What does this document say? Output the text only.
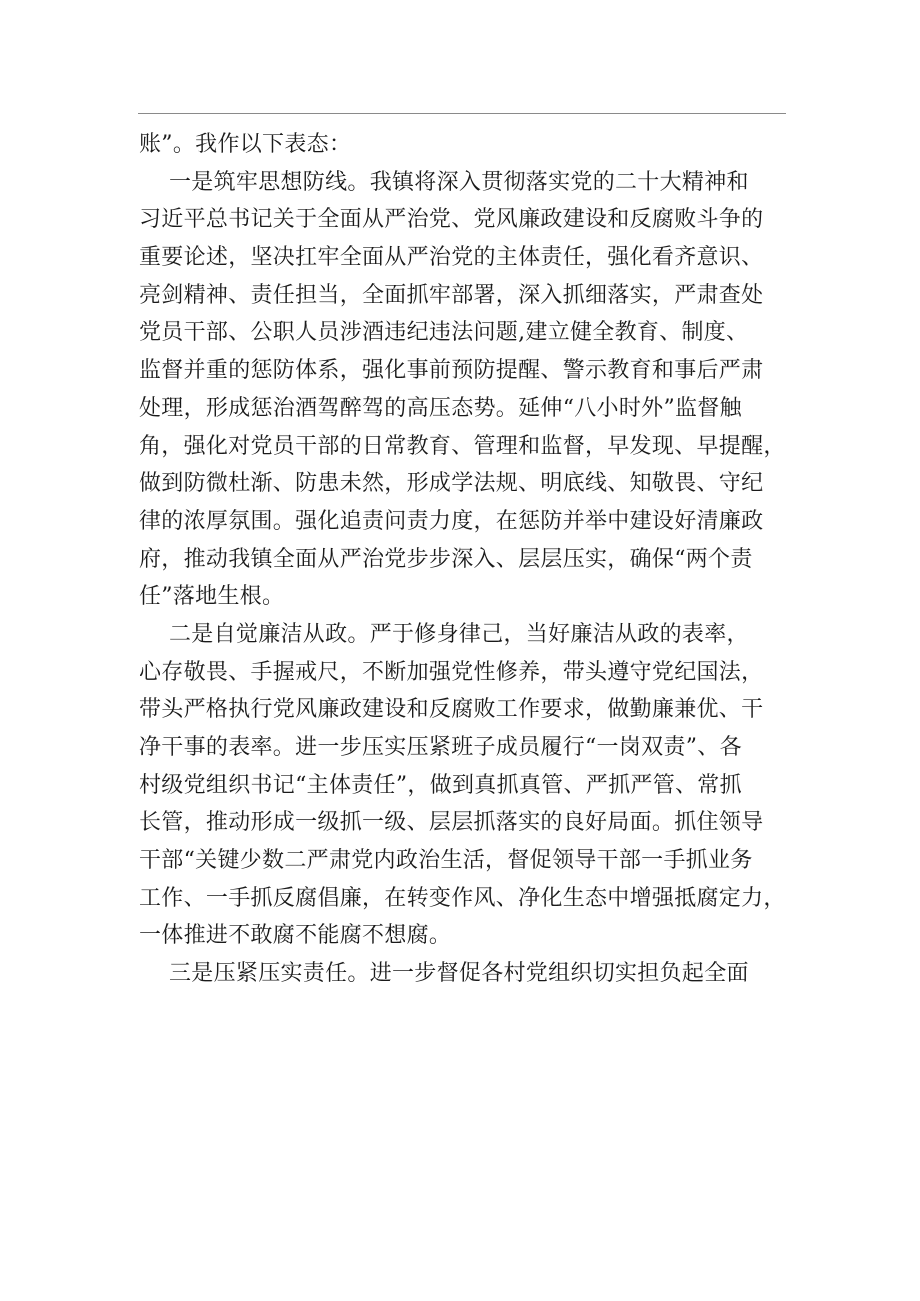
账”。我作以下表态：
一是筑牢思想防线。我镇将深入贯彻落实党的二十大精神和
习近平总书记关于全面从严治党、党风廉政建设和反腐败斗争的
重要论述，坚决扛牢全面从严治党的主体责任，强化看齐意识、
亮剑精神、责任担当，全面抓牢部署，深入抓细落实，严肃查处
党员干部、公职人员涉酒违纪违法问题,建立健全教育、制度、
监督并重的惩防体系，强化事前预防提醒、警示教育和事后严肃
处理，形成惩治酒驾醉驾的高压态势。延伸“八小时外”监督触
角，强化对党员干部的日常教育、管理和监督，早发现、早提醒，
做到防微杜渐、防患未然，形成学法规、明底线、知敬畏、守纪
律的浓厚氛围。强化追责问责力度，在惩防并举中建设好清廉政
府，推动我镇全面从严治党步步深入、层层压实，确保“两个责
任”落地生根。
二是自觉廉洁从政。严于修身律己，当好廉洁从政的表率，
心存敬畏、手握戒尺，不断加强党性修养，带头遵守党纪国法，
带头严格执行党风廉政建设和反腐败工作要求，做勤廉兼优、干
净干事的表率。进一步压实压紧班子成员履行“一岗双责”、各
村级党组织书记“主体责任”，做到真抓真管、严抓严管、常抓
长管，推动形成一级抓一级、层层抓落实的良好局面。抓住领导
干部“关键少数二严肃党内政治生活，督促领导干部一手抓业务
工作、一手抓反腐倡廉，在转变作风、净化生态中增强抵腐定力，
一体推进不敢腐不能腐不想腐。
三是压紧压实责任。进一步督促各村党组织切实担负起全面
